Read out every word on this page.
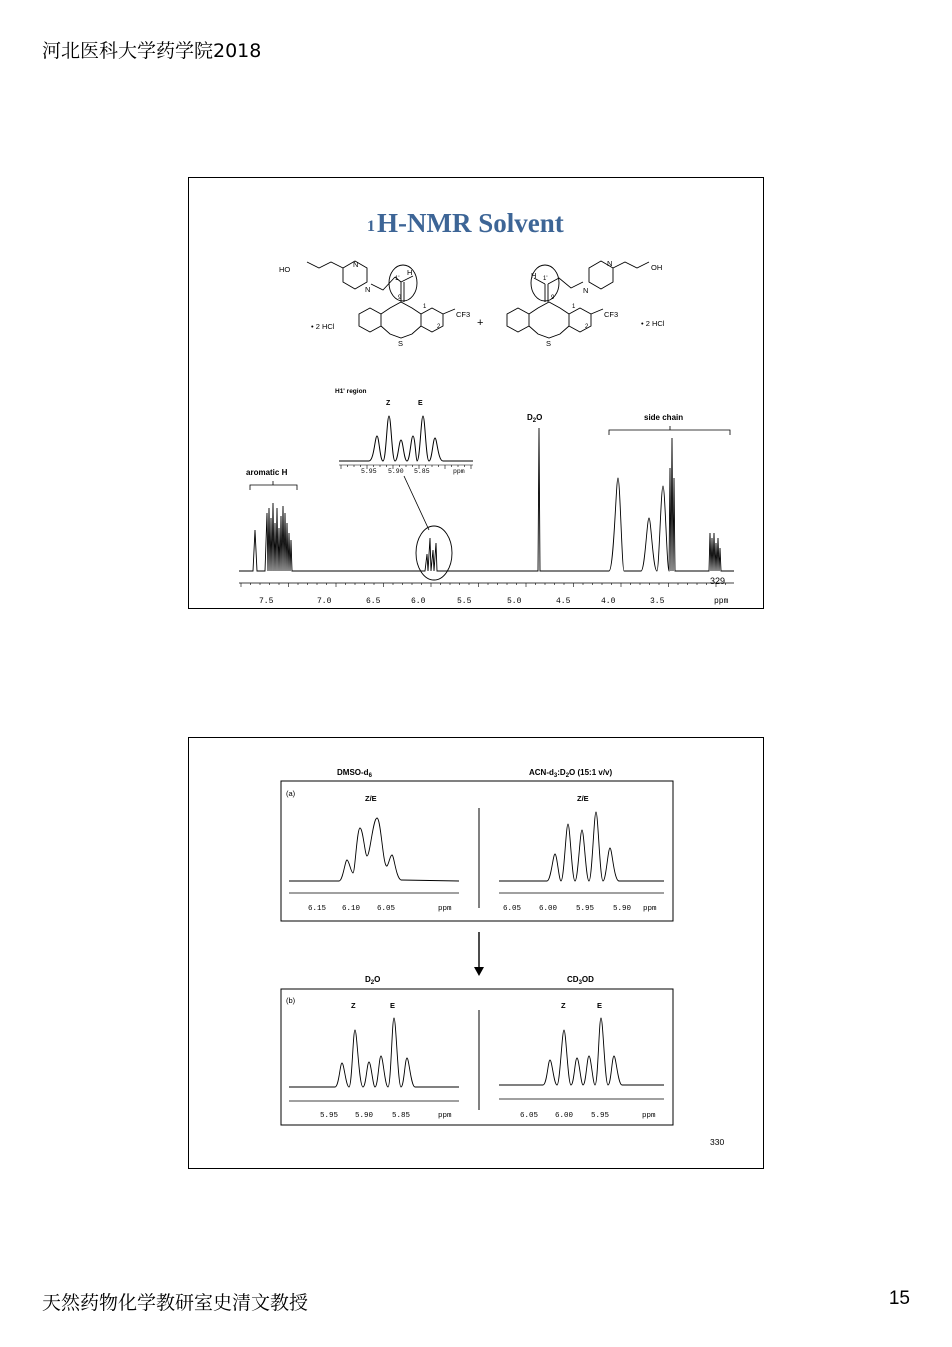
河北医科大学药学院2018
1 H-NMR Solvent
HO
N
N
H
1'
9
1
2
CF3
S
• 2 HCl	+
OH
N
N
H 1'
9
1
2
CF3
S
• 2 HCl
H1' region
Z	E
5.95 5.90 5.85	ppm
aromatic H
$D_2O$	side chain
7.5	7.0	6.5	6.0	5.5	5.0	4.5	4.0	3.5	ppm
329
DMSO-$d_6$	ACN-$d_3:D_2O$ (15:1 v/v)
(a)
Z/E	Z/E
6.15 6.10 6.05	ppm	6.05 6.00	5.95	5.90 ppm
$D_2O$	$CD_3OD$
(b)
Z	E	Z	E
5.95 5.90	5.85	ppm	6.05 6.00 5.95	ppm
330
天然药物化学教研室史清文教授	15
